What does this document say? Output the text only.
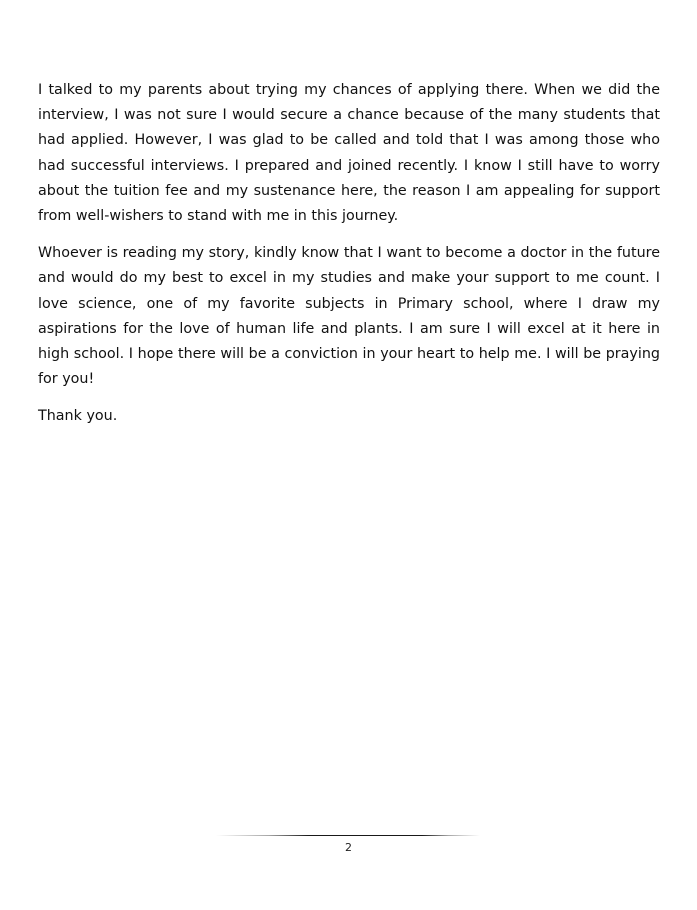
I talked to my parents about trying my chances of applying there. When we did the interview, I was not sure I would secure a chance because of the many students that had applied. However, I was glad to be called and told that I was among those who had successful interviews. I prepared and joined recently. I know I still have to worry about the tuition fee and my sustenance here, the reason I am appealing for support from well-wishers to stand with me in this journey.

Whoever is reading my story, kindly know that I want to become a doctor in the future and would do my best to excel in my studies and make your support to me count. I love science, one of my favorite subjects in Primary school, where I draw my aspirations for the love of human life and plants. I am sure I will excel at it here in high school. I hope there will be a conviction in your heart to help me. I will be praying for you!

Thank you.

2
